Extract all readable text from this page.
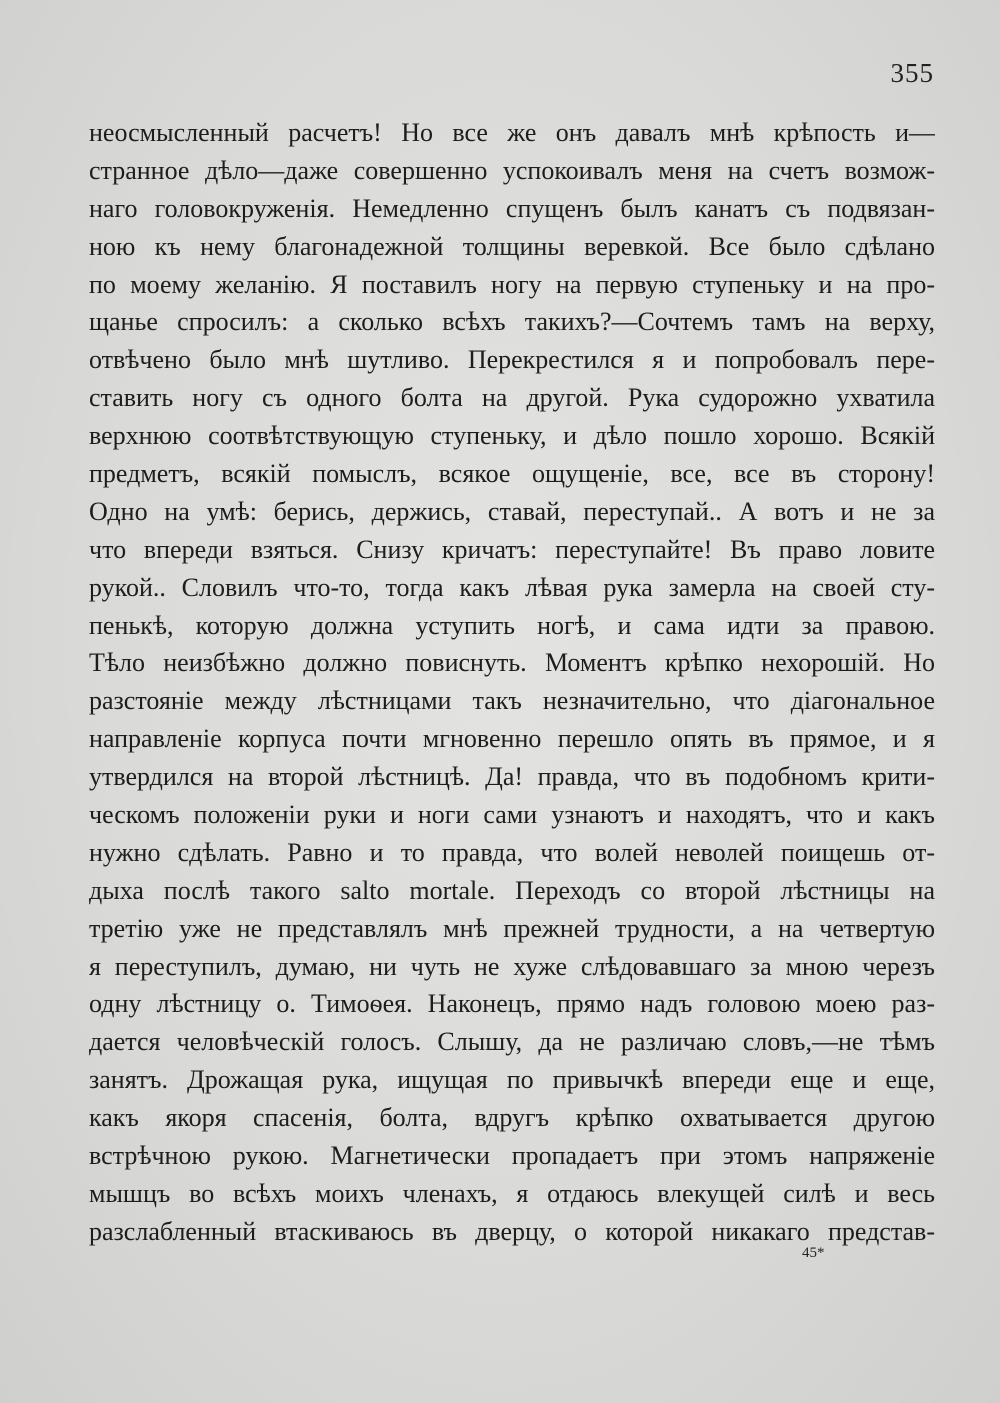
355
неосмысленный расчетъ! Но все же онъ давалъ мнѣ крѣпость и—
странное дѣло—даже совершенно успокоивалъ меня на счетъ возмож-
наго головокруженія. Немедленно спущенъ былъ канатъ съ подвязан-
ною къ нему благонадежной толщины веревкой. Все было сдѣлано
по моему желанію. Я поставилъ ногу на первую ступеньку и на про-
щанье спросилъ: а сколько всѣхъ такихъ?—Сочтемъ тамъ на верху,
отвѣчено было мнѣ шутливо. Перекрестился я и попробовалъ пере-
ставить ногу съ одного болта на другой. Рука судорожно ухватила
верхнюю соотвѣтствующую ступеньку, и дѣло пошло хорошо. Всякій
предметъ, всякій помыслъ, всякое ощущеніе, все, все въ сторону!
Одно на умѣ: берись, держись, ставай, переступай.. А вотъ и не за
что впереди взяться. Снизу кричатъ: переступайте! Въ право ловите
рукой.. Словилъ что-то, тогда какъ лѣвая рука замерла на своей сту-
пенькѣ, которую должна уступить ногѣ, и сама идти за правою.
Тѣло неизбѣжно должно повиснуть. Моментъ крѣпко нехорошій. Но
разстояніе между лѣстницами такъ незначительно, что діагональное
направленіе корпуса почти мгновенно перешло опять въ прямое, и я
утвердился на второй лѣстницѣ. Да! правда, что въ подобномъ крити-
ческомъ положеніи руки и ноги сами узнаютъ и находятъ, что и какъ
нужно сдѣлать. Равно и то правда, что волей неволей поищешь от-
дыха послѣ такого salto mortale. Переходъ со второй лѣстницы на
третію уже не представлялъ мнѣ прежней трудности, а на четвертую
я переступилъ, думаю, ни чуть не хуже слѣдовавшаго за мною черезъ
одну лѣстницу о. Тимоѳея. Наконецъ, прямо надъ головою моею раз-
дается человѣческій голосъ. Слышу, да не различаю словъ,—не тѣмъ
занятъ. Дрожащая рука, ищущая по привычкѣ впереди еще и еще,
какъ якоря спасенія, болта, вдругъ крѣпко охватывается другою
встрѣчною рукою. Магнетически пропадаетъ при этомъ напряженіе
мышцъ во всѣхъ моихъ членахъ, я отдаюсь влекущей силѣ и весь
разслабленный втаскиваюсь въ дверцу, о которой никакаго представ-
45*
